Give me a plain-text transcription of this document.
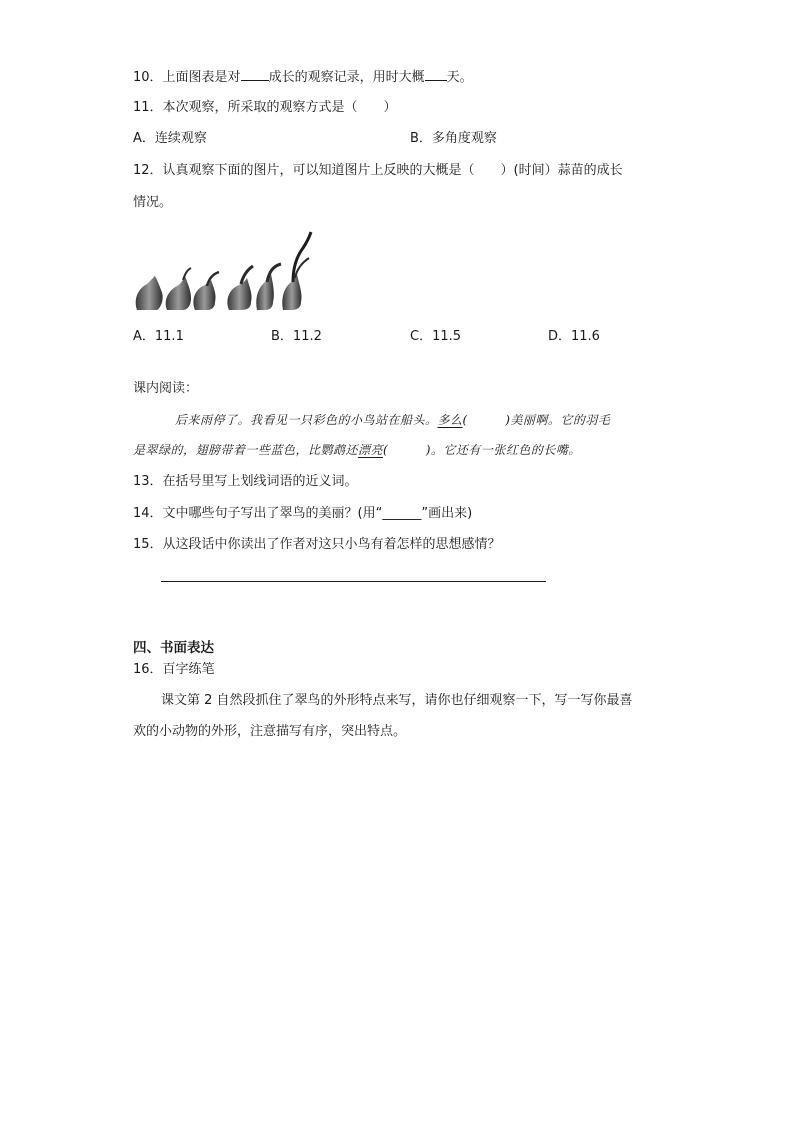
10．上面图表是对 成长的观察记录，用时大概 天。
11．本次观察，所采取的观察方式是（　　）
A．连续观察	B．多角度观察
12．认真观察下面的图片，可以知道图片上反映的大概是（　　）(时间）蒜苗的成长
情况。
A．11.1	B．11.2	C．11.5	D．11.6
课内阅读：
后来雨停了。我看见一只彩色的小鸟站在船头。多么(　　　)美丽啊。它的羽毛
是翠绿的，翅膀带着一些蓝色，比鹦鹉还漂亮(　　　)。它还有一张红色的长嘴。
13．在括号里写上划线词语的近义词。
14．文中哪些句子写出了翠鸟的美丽？(用“______”画出来)
15．从这段话中你读出了作者对这只小鸟有着怎样的思想感情？
四、书面表达
16．百字练笔
课文第 2 自然段抓住了翠鸟的外形特点来写，请你也仔细观察一下，写一写你最喜
欢的小动物的外形，注意描写有序，突出特点。
